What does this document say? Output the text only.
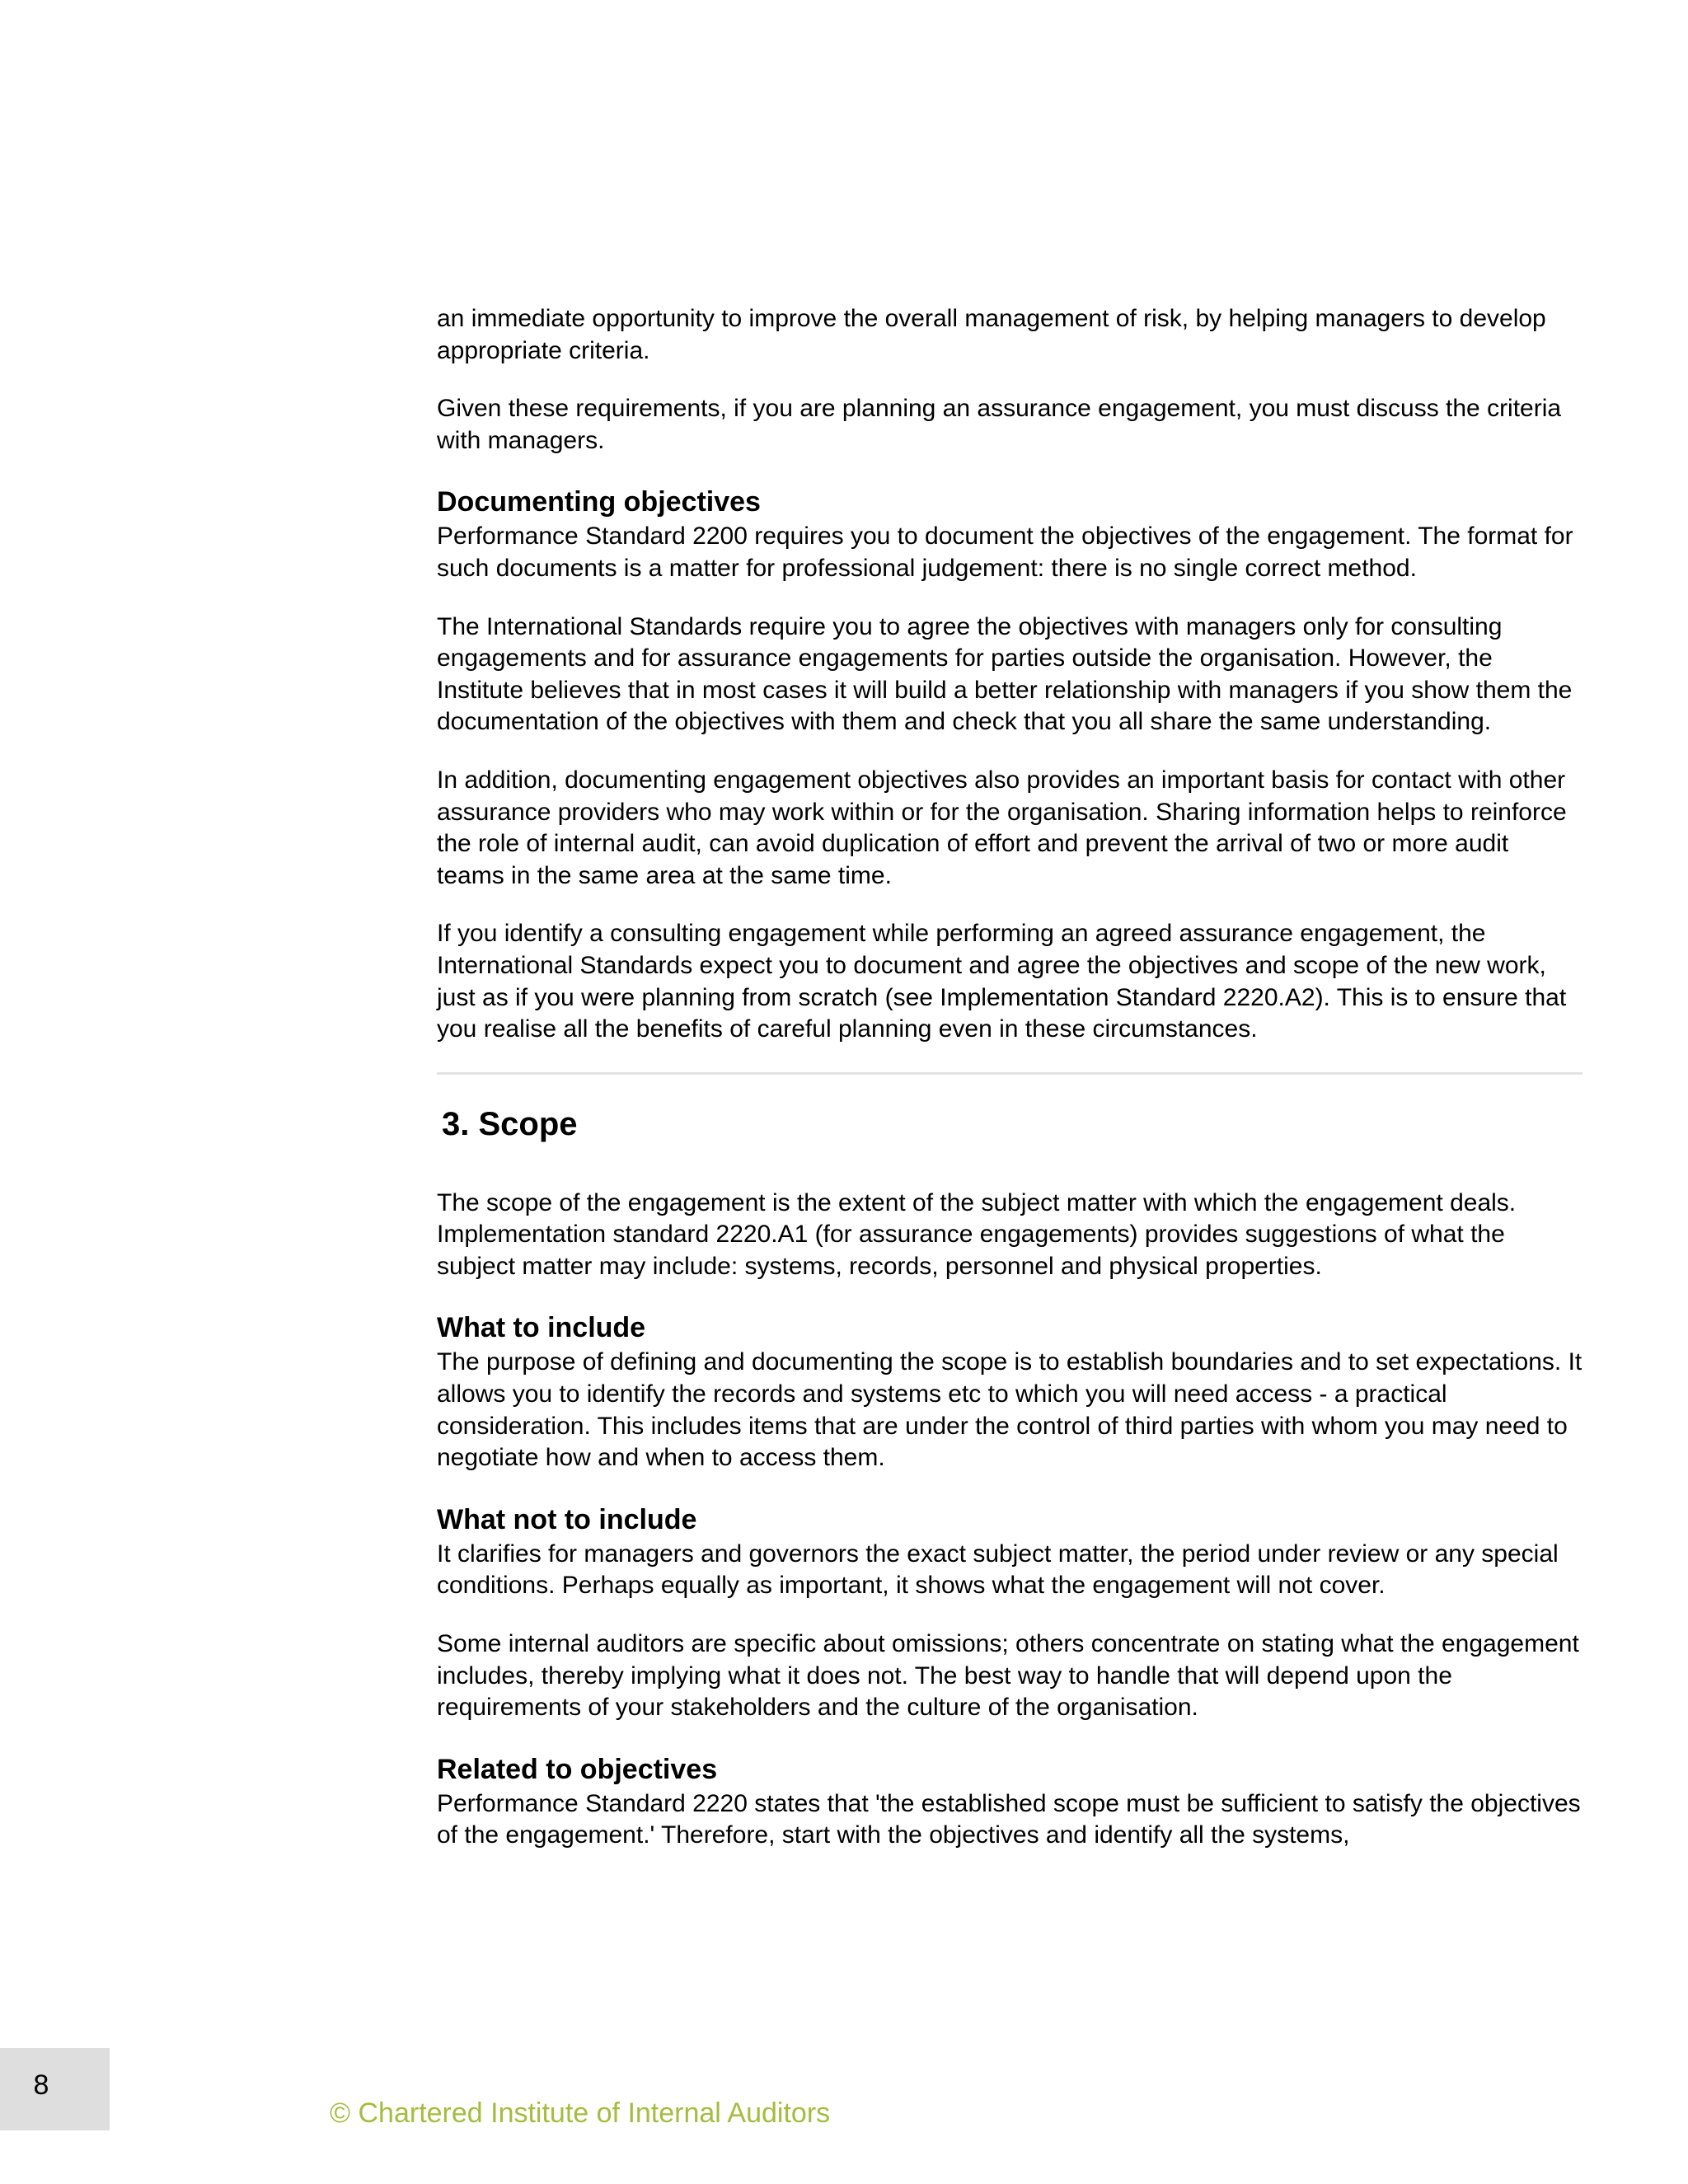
an immediate opportunity to improve the overall management of risk, by helping managers to develop appropriate criteria.

Given these requirements, if you are planning an assurance engagement, you must discuss the criteria with managers.

Documenting objectives

Performance Standard 2200 requires you to document the objectives of the engagement. The format for such documents is a matter for professional judgement: there is no single correct method.

The International Standards require you to agree the objectives with managers only for consulting engagements and for assurance engagements for parties outside the organisation. However, the Institute believes that in most cases it will build a better relationship with managers if you show them the documentation of the objectives with them and check that you all share the same understanding.

In addition, documenting engagement objectives also provides an important basis for contact with other assurance providers who may work within or for the organisation. Sharing information helps to reinforce the role of internal audit, can avoid duplication of effort and prevent the arrival of two or more audit teams in the same area at the same time.

If you identify a consulting engagement while performing an agreed assurance engagement, the International Standards expect you to document and agree the objectives and scope of the new work, just as if you were planning from scratch (see Implementation Standard 2220.A2). This is to ensure that you realise all the benefits of careful planning even in these circumstances.

3. Scope

The scope of the engagement is the extent of the subject matter with which the engagement deals. Implementation standard 2220.A1 (for assurance engagements) provides suggestions of what the subject matter may include: systems, records, personnel and physical properties.

What to include

The purpose of defining and documenting the scope is to establish boundaries and to set expectations. It allows you to identify the records and systems etc to which you will need access - a practical consideration. This includes items that are under the control of third parties with whom you may need to negotiate how and when to access them.

What not to include

It clarifies for managers and governors the exact subject matter, the period under review or any special conditions. Perhaps equally as important, it shows what the engagement will not cover.

Some internal auditors are specific about omissions; others concentrate on stating what the engagement includes, thereby implying what it does not. The best way to handle that will depend upon the requirements of your stakeholders and the culture of the organisation.

Related to objectives

Performance Standard 2220 states that 'the established scope must be sufficient to satisfy the objectives of the engagement.' Therefore, start with the objectives and identify all the systems,

8
© Chartered Institute of Internal Auditors
